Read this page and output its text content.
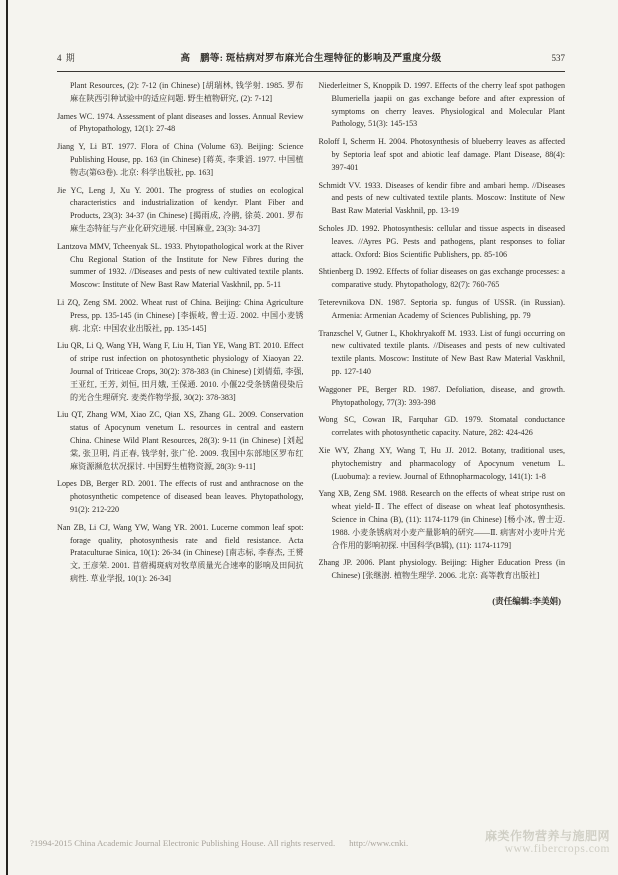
4 期	高　鹏等: 斑枯病对罗布麻光合生理特征的影响及严重度分级	537
Plant Resources, (2): 7-12 (in Chinese) [胡瑞林, 钱学射. 1985. 罗布麻在陕西引种试验中的适应问题. 野生植物研究, (2): 7-12]
James WC. 1974. Assessment of plant diseases and losses. Annual Review of Phytopathology, 12(1): 27-48
Jiang Y, Li BT. 1977. Flora of China (Volume 63). Beijing: Science Publishing House, pp. 163 (in Chinese) [蒋英, 李秉滔. 1977. 中国植物志(第63卷). 北京: 科学出版社, pp. 163]
Jie YC, Leng J, Xu Y. 2001. The progress of studies on ecological characteristics and industrialization of kendyr. Plant Fiber and Products, 23(3): 34-37 (in Chinese) [揭雨成, 冷鹃, 徐英. 2001. 罗布麻生态特征与产业化研究进展. 中国麻业, 23(3): 34-37]
Lantzova MMV, Tcheenyak SL. 1933. Phytopathological work at the River Chu Regional Station of the Institute for New Fibres during the summer of 1932. //Diseases and pests of new cultivated textile plants. Moscow: Institute of New Bast Raw Material Vaskhnil, pp. 5-11
Li ZQ, Zeng SM. 2002. Wheat rust of China. Beijing: China Agriculture Press, pp. 135-145 (in Chinese) [李振岐, 曾士迈. 2002. 中国小麦锈病. 北京: 中国农业出版社, pp. 135-145]
Liu QR, Li Q, Wang YH, Wang F, Liu H, Tian YE, Wang BT. 2010. Effect of stripe rust infection on photosynthetic physiology of Xiaoyan 22. Journal of Triticeae Crops, 30(2): 378-383 (in Chinese) [刘倩茹, 李强, 王亚红, 王芳, 刘恒, 田月娥, 王保通. 2010. 小偃22受条锈菌侵染后的光合生理研究. 麦类作物学报, 30(2): 378-383]
Liu QT, Zhang WM, Xiao ZC, Qian XS, Zhang GL. 2009. Conservation status of Apocynum venetum L. resources in central and eastern China. Chinese Wild Plant Resources, 28(3): 9-11 (in Chinese) [刘起棠, 张卫明, 肖正春, 钱学射, 张广伦. 2009. 我国中东部地区罗布红麻资源濒危状况探讨. 中国野生植物资源, 28(3): 9-11]
Lopes DB, Berger RD. 2001. The effects of rust and anthracnose on the photosynthetic competence of diseased bean leaves. Phytopathology, 91(2): 212-220
Nan ZB, Li CJ, Wang YW, Wang YR. 2001. Lucerne common leaf spot: forage quality, photosynthesis rate and field resistance. Acta Prataculturae Sinica, 10(1): 26-34 (in Chinese) [南志标, 李春杰, 王赟文, 王彦荣. 2001. 苜蓿褐斑病对牧草质量光合速率的影响及田间抗病性. 草业学报, 10(1): 26-34]
Niederleitner S, Knoppik D. 1997. Effects of the cherry leaf spot pathogen Blumeriella jaapii on gas exchange before and after expression of symptoms on cherry leaves. Physiological and Molecular Plant Pathology, 51(3): 145-153
Roloff I, Scherm H. 2004. Photosynthesis of blueberry leaves as affected by Septoria leaf spot and abiotic leaf damage. Plant Disease, 88(4): 397-401
Schmidt VV. 1933. Diseases of kendir fibre and ambari hemp. //Diseases and pests of new cultivated textile plants. Moscow: Institute of New Bast Raw Material Vaskhnil, pp. 13-19
Scholes JD. 1992. Photosynthesis: cellular and tissue aspects in diseased leaves. //Ayres PG. Pests and pathogens, plant responses to foliar attack. Oxford: Bios Scientific Publishers, pp. 85-106
Shtienberg D. 1992. Effects of foliar diseases on gas exchange processes: a comparative study. Phytopathology, 82(7): 760-765
Teterevnikova DN. 1987. Septoria sp. fungus of USSR. (in Russian). Armenia: Armenian Academy of Sciences Publishing, pp. 79
Tranzschel V, Gutner L, Khokhryakoff M. 1933. List of fungi occurring on new cultivated textile plants. //Diseases and pests of new cultivated textile plants. Moscow: Institute of New Bast Raw Material Vaskhnil, pp. 127-140
Waggoner PE, Berger RD. 1987. Defoliation, disease, and growth. Phytopathology, 77(3): 393-398
Wong SC, Cowan IR, Farquhar GD. 1979. Stomatal conductance correlates with photosynthetic capacity. Nature, 282: 424-426
Xie WY, Zhang XY, Wang T, Hu JJ. 2012. Botany, traditional uses, phytochemistry and pharmacology of Apocynum venetum L. (Luobuma): a review. Journal of Ethnopharmacology, 141(1): 1-8
Yang XB, Zeng SM. 1988. Research on the effects of wheat stripe rust on wheat yield-Ⅱ. The effect of disease on wheat leaf photosynthesis. Science in China (B), (11): 1174-1179 (in Chinese) [杨小冰, 曾士迈. 1988. 小麦条锈病对小麦产量影响的研究——Ⅱ. 病害对小麦叶片光合作用的影响初探. 中国科学(B辑), (11): 1174-1179]
Zhang JP. 2006. Plant physiology. Beijing: Higher Education Press (in Chinese) [张继澍. 植物生理学. 2006. 北京: 高等教育出版社]
(责任编辑:李美娟)
?1994-2015 China Academic Journal Electronic Publishing House. All rights reserved. http://www.cnki.	麻类作物营养与施肥网
www.fibercrops.com
